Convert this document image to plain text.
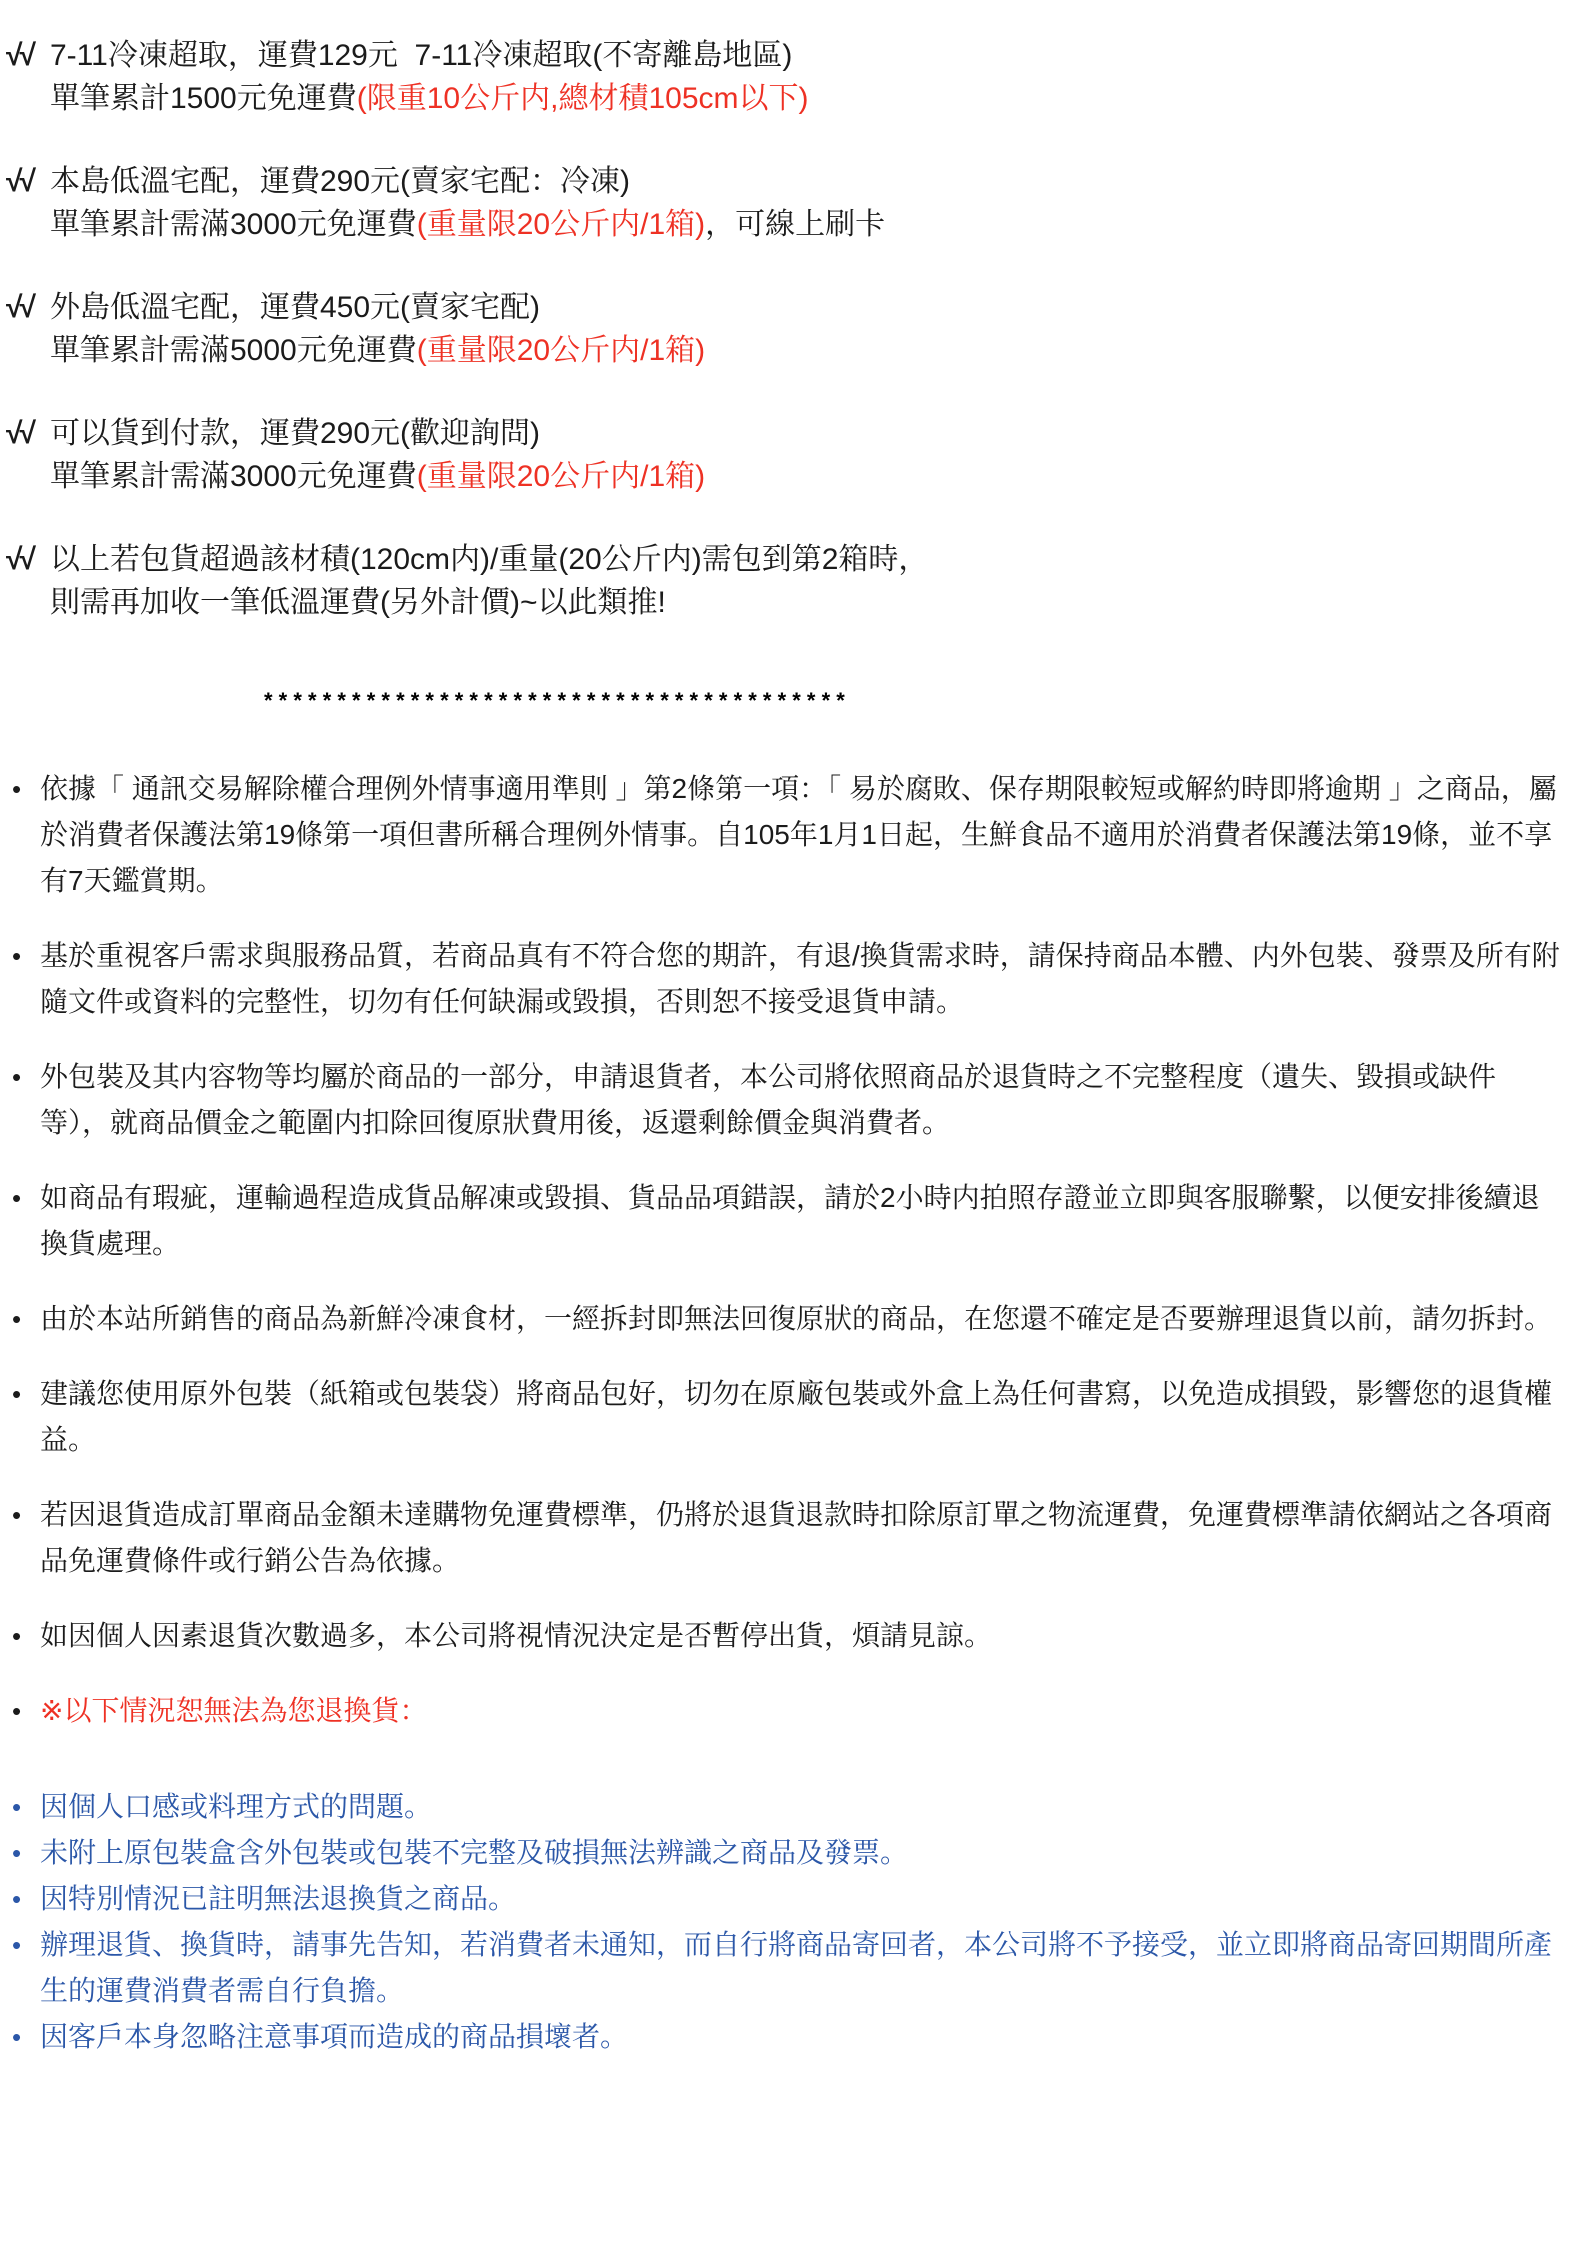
√√ 7-11冷凍超取，運費129元  7-11冷凍超取(不寄離島地區)
單筆累計1500元免運費(限重10公斤内,總材積105cm以下)
√√ 本島低溫宅配，運費290元(賣家宅配：冷凍)
單筆累計需滿3000元免運費(重量限20公斤内/1箱)，可線上刷卡
√√ 外島低溫宅配，運費450元(賣家宅配)
單筆累計需滿5000元免運費(重量限20公斤内/1箱)
√√ 可以貨到付款，運費290元(歡迎詢問)
單筆累計需滿3000元免運費(重量限20公斤内/1箱)
√√ 以上若包貨超過該材積(120cm内)/重量(20公斤内)需包到第2箱時，
則需再加收一筆低溫運費(另外計價)~以此類推!
* * * * * * * * * * * * * * * * * * * * * * * * * * * * * * * * * * * * * * * *
• 依據「 通訊交易解除權合理例外情事適用準則 」第2條第一項：「 易於腐敗、保存期限較短或解約時即將逾期 」之商品，屬於消費者保護法第19條第一項但書所稱合理例外情事。自105年1月1日起，生鮮食品不適用於消費者保護法第19條，並不享有7天鑑賞期。
• 基於重視客戶需求與服務品質，若商品真有不符合您的期許，有退/換貨需求時，請保持商品本體、内外包裝、發票及所有附隨文件或資料的完整性，切勿有任何缺漏或毀損，否則恕不接受退貨申請。
• 外包裝及其内容物等均屬於商品的一部分，申請退貨者，本公司將依照商品於退貨時之不完整程度（遺失、毀損或缺件等），就商品價金之範圍内扣除回復原狀費用後，返還剩餘價金與消費者。
• 如商品有瑕疵，運輸過程造成貨品解凍或毀損、貨品品項錯誤，請於2小時内拍照存證並立即與客服聯繫，以便安排後續退換貨處理。
• 由於本站所銷售的商品為新鮮冷凍食材，一經拆封即無法回復原狀的商品，在您還不確定是否要辦理退貨以前，請勿拆封。
• 建議您使用原外包裝（紙箱或包裝袋）將商品包好，切勿在原廠包裝或外盒上為任何書寫，以免造成損毀，影響您的退貨權益。
• 若因退貨造成訂單商品金額未達購物免運費標準，仍將於退貨退款時扣除原訂單之物流運費，免運費標準請依網站之各項商品免運費條件或行銷公告為依據。
• 如因個人因素退貨次數過多，本公司將視情況決定是否暫停出貨，煩請見諒。
• ※以下情況恕無法為您退換貨：
• 因個人口感或料理方式的問題。
• 未附上原包裝盒含外包裝或包裝不完整及破損無法辨識之商品及發票。
• 因特別情況已註明無法退換貨之商品。
• 辦理退貨、換貨時，請事先告知，若消費者未通知，而自行將商品寄回者，本公司將不予接受，並立即將商品寄回期間所產生的運費消費者需自行負擔。
• 因客戶本身忽略注意事項而造成的商品損壞者。
